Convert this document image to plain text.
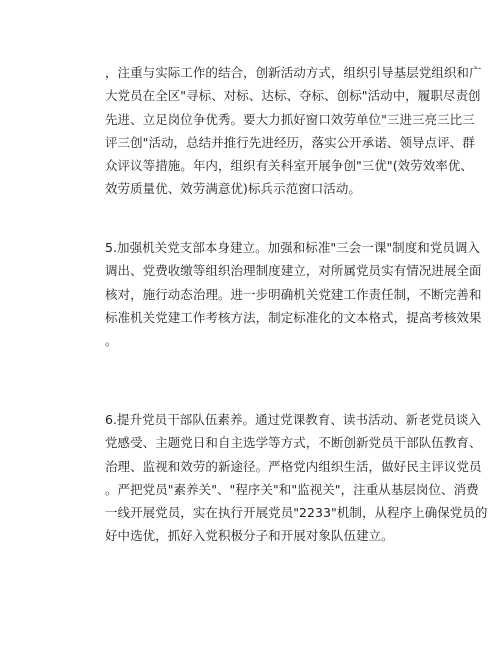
，注重与实际工作的结合，创新活动方式，组织引导基层党组织和广
大党员在全区"寻标、对标、达标、夺标、创标"活动中，履职尽责创
先进、立足岗位争优秀。要大力抓好窗口效劳单位"三进三亮三比三
评三创"活动，总结并推行先进经历，落实公开承诺、领导点评、群
众评议等措施。年内，组织有关科室开展争创"三优"(效劳效率优、
效劳质量优、效劳满意优)标兵示范窗口活动。
5.加强机关党支部本身建立。加强和标准"三会一课"制度和党员调入
调出、党费收缴等组织治理制度建立，对所属党员实有情况进展全面
核对，施行动态治理。进一步明确机关党建工作责任制，不断完善和
标准机关党建工作考核方法，制定标准化的文本格式，提高考核效果
。
6.提升党员干部队伍素养。通过党课教育、读书活动、新老党员谈入
党感受、主题党日和自主选学等方式，不断创新党员干部队伍教育、
治理、监视和效劳的新途径。严格党内组织生活，做好民主评议党员
。严把党员"素养关"、"程序关"和"监视关"，注重从基层岗位、消费
一线开展党员，实在执行开展党员"2233"机制，从程序上确保党员的
好中选优，抓好入党积极分子和开展对象队伍建立。
